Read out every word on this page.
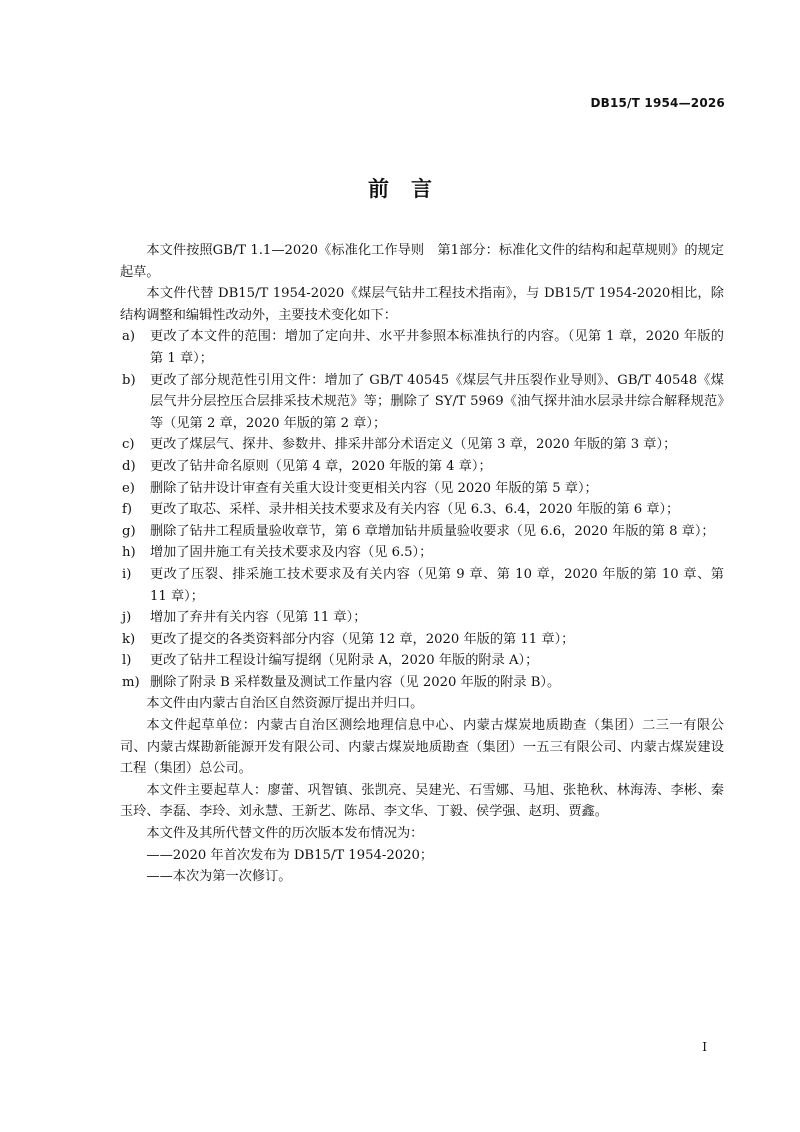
DB15/T 1954—2026
前言

本文件按照GB/T 1.1—2020《标准化工作导则　第1部分：标准化文件的结构和起草规则》的规定起草。

本文件代替 DB15/T 1954-2020《煤层气钻井工程技术指南》，与 DB15/T 1954-2020相比，除结构调整和编辑性改动外，主要技术变化如下：

a)	更改了本文件的范围：增加了定向井、水平井参照本标准执行的内容。（见第 1 章，2020 年版的第 1 章）；
b)	更改了部分规范性引用文件：增加了 GB/T 40545《煤层气井压裂作业导则》、GB/T 40548《煤层气井分层控压合层排采技术规范》等；删除了 SY/T 5969《油气探井油水层录井综合解释规范》等（见第 2 章，2020 年版的第 2 章）；
c)	更改了煤层气、探井、参数井、排采井部分术语定义（见第 3 章，2020 年版的第 3 章）；
d)	更改了钻井命名原则（见第 4 章，2020 年版的第 4 章）；
e)	删除了钻井设计审查有关重大设计变更相关内容（见 2020 年版的第 5 章）；
f)	更改了取芯、采样、录井相关技术要求及有关内容（见 6.3、6.4，2020 年版的第 6 章）；
g)	删除了钻井工程质量验收章节，第 6 章增加钻井质量验收要求（见 6.6，2020 年版的第 8 章）；
h)	增加了固井施工有关技术要求及内容（见 6.5）；
i)	更改了压裂、排采施工技术要求及有关内容（见第 9 章、第 10 章，2020 年版的第 10 章、第 11 章）；
j)	增加了弃井有关内容（见第 11 章）；
k)	更改了提交的各类资料部分内容（见第 12 章，2020 年版的第 11 章）；
l)	更改了钻井工程设计编写提纲（见附录 A，2020 年版的附录 A）；
m) 删除了附录 B 采样数量及测试工作量内容（见 2020 年版的附录 B）。

本文件由内蒙古自治区自然资源厅提出并归口。

本文件起草单位：内蒙古自治区测绘地理信息中心、内蒙古煤炭地质勘查（集团）二三一有限公司、内蒙古煤勘新能源开发有限公司、内蒙古煤炭地质勘查（集团）一五三有限公司、内蒙古煤炭建设工程（集团）总公司。

本文件主要起草人：廖蕾、巩智镇、张凯亮、吴建光、石雪娜、马旭、张艳秋、林海涛、李彬、秦玉玲、李磊、李玲、刘永慧、王新艺、陈昂、李文华、丁毅、侯学强、赵玥、贾鑫。

本文件及其所代替文件的历次版本发布情况为：

——2020 年首次发布为 DB15/T 1954-2020；

——本次为第一次修订。

I
